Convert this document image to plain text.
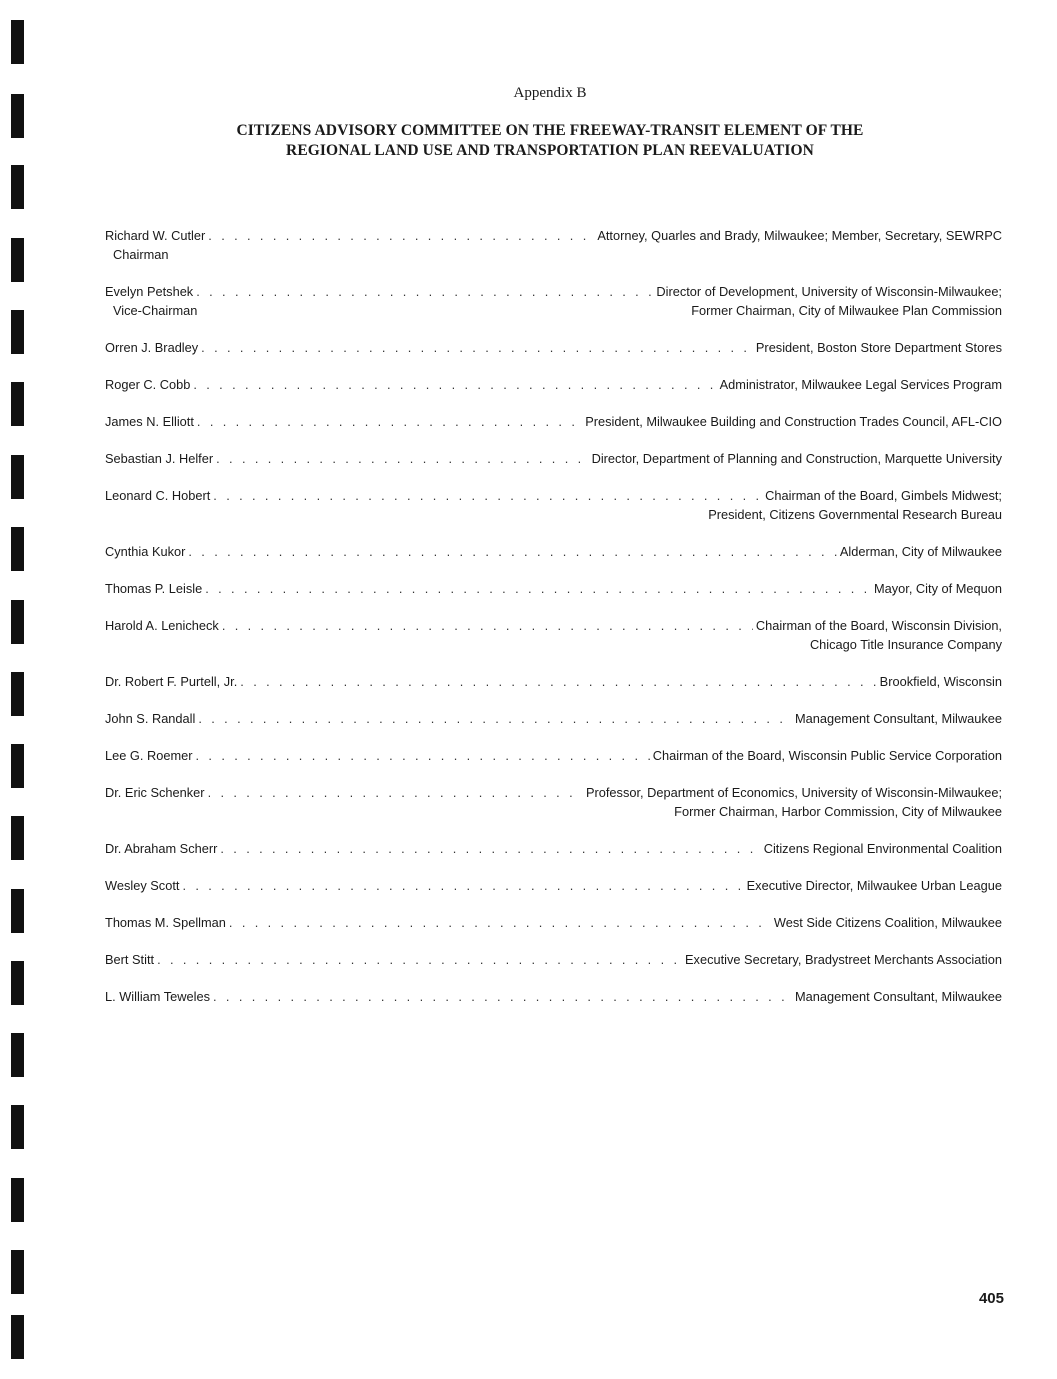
Appendix B
CITIZENS ADVISORY COMMITTEE ON THE FREEWAY-TRANSIT ELEMENT OF THE
REGIONAL LAND USE AND TRANSPORTATION PLAN REEVALUATION
Richard W. Cutler . . .	Attorney, Quarles and Brady, Milwaukee; Member, Secretary, SEWRPC
Chairman
Evelyn Petshek . . .	Director of Development, University of Wisconsin-Milwaukee;
Vice-Chairman	Former Chairman, City of Milwaukee Plan Commission
Orren J. Bradley . . .	President, Boston Store Department Stores
Roger C. Cobb . . .	Administrator, Milwaukee Legal Services Program
James N. Elliott . . .	President, Milwaukee Building and Construction Trades Council, AFL-CIO
Sebastian J. Helfer . . .	Director, Department of Planning and Construction, Marquette University
Leonard C. Hobert . . .	Chairman of the Board, Gimbels Midwest;
President, Citizens Governmental Research Bureau
Cynthia Kukor . . .	Alderman, City of Milwaukee
Thomas P. Leisle . . .	Mayor, City of Mequon
Harold A. Lenicheck . . .	Chairman of the Board, Wisconsin Division,
Chicago Title Insurance Company
Dr. Robert F. Purtell, Jr. . . .	Brookfield, Wisconsin
John S. Randall . . .	Management Consultant, Milwaukee
Lee G. Roemer . . .	Chairman of the Board, Wisconsin Public Service Corporation
Dr. Eric Schenker . . .	Professor, Department of Economics, University of Wisconsin-Milwaukee;
Former Chairman, Harbor Commission, City of Milwaukee
Dr. Abraham Scherr . . .	Citizens Regional Environmental Coalition
Wesley Scott . . .	Executive Director, Milwaukee Urban League
Thomas M. Spellman . . .	West Side Citizens Coalition, Milwaukee
Bert Stitt . . .	Executive Secretary, Bradystreet Merchants Association
L. William Teweles . . .	Management Consultant, Milwaukee
405
